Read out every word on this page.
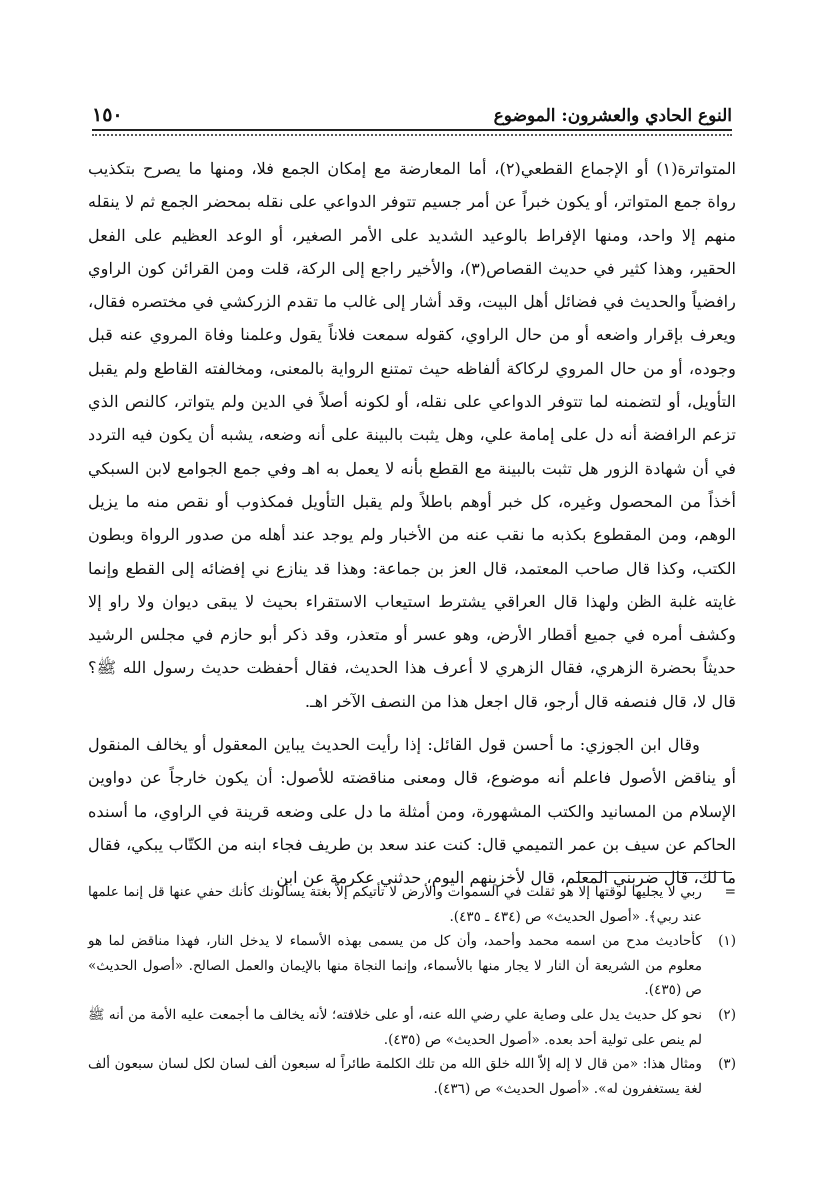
النوع الحادي والعشرون: الموضوع
١٥٠

المتواترة(١) أو الإجماع القطعي(٢)، أما المعارضة مع إمكان الجمع فلا، ومنها ما يصرح بتكذيب رواة جمع المتواتر، أو يكون خبراً عن أمر جسيم تتوفر الدواعي على نقله بمحضر الجمع ثم لا ينقله منهم إلا واحد، ومنها الإفراط بالوعيد الشديد على الأمر الصغير، أو الوعد العظيم على الفعل الحقير، وهذا كثير في حديث القصاص(٣)، والأخير راجع إلى الركة، قلت ومن القرائن كون الراوي رافضياً والحديث في فضائل أهل البيت، وقد أشار إلى غالب ما تقدم الزركشي في مختصره فقال، ويعرف بإقرار واضعه أو من حال الراوي، كقوله سمعت فلاناً يقول وعلمنا وفاة المروي عنه قبل وجوده، أو من حال المروي لركاكة ألفاظه حيث تمتنع الرواية بالمعنى، ومخالفته القاطع ولم يقبل التأويل، أو لتضمنه لما تتوفر الدواعي على نقله، أو لكونه أصلاً في الدين ولم يتواتر، كالنص الذي تزعم الرافضة أنه دل على إمامة علي، وهل يثبت بالبينة على أنه وضعه، يشبه أن يكون فيه التردد في أن شهادة الزور هل تثبت بالبينة مع القطع بأنه لا يعمل به اهـ وفي جمع الجوامع لابن السبكي أخذاً من المحصول وغيره، كل خبر أوهم باطلاً ولم يقبل التأويل فمكذوب أو نقص منه ما يزيل الوهم، ومن المقطوع بكذبه ما نقب عنه من الأخبار ولم يوجد عند أهله من صدور الرواة وبطون الكتب، وكذا قال صاحب المعتمد، قال العز بن جماعة: وهذا قد ينازع ني إفضائه إلى القطع وإنما غايته غلبة الظن ولهذا قال العراقي يشترط استيعاب الاستقراء بحيث لا يبقى ديوان ولا راو إلا وكشف أمره في جميع أقطار الأرض، وهو عسر أو متعذر، وقد ذكر أبو حازم في مجلس الرشيد حديثاً بحضرة الزهري، فقال الزهري لا أعرف هذا الحديث، فقال أحفظت حديث رسول الله ﷺ؟ قال لا، قال فنصفه قال أرجو، قال اجعل هذا من النصف الآخر اهـ.

وقال ابن الجوزي: ما أحسن قول القائل: إذا رأيت الحديث يباين المعقول أو يخالف المنقول أو يناقض الأصول فاعلم أنه موضوع، قال ومعنى مناقضته للأصول: أن يكون خارجاً عن دواوين الإسلام من المسانيد والكتب المشهورة، ومن أمثلة ما دل على وضعه قرينة في الراوي، ما أسنده الحاكم عن سيف بن عمر التميمي قال: كنت عند سعد بن طريف فجاء ابنه من الكتّاب يبكي، فقال ما لك، قال ضربني المعلم، قال لأخزينهم اليوم، حدثني عكرمة عن ابن

=
ربي لا يجليها لوقتها إلا هو ثقلت في السموات والأرض لا تأتيكم إلاّ بغتة يسألونك كأنك حفي عنها قل إنما علمها عند ربي﴾. «أصول الحديث» ص (٤٣٤ ـ ٤٣٥).
(١)
كأحاديث مدح من اسمه محمد وأحمد، وأن كل من يسمى بهذه الأسماء لا يدخل النار، فهذا مناقض لما هو معلوم من الشريعة أن النار لا يجار منها بالأسماء، وإنما النجاة منها بالإيمان والعمل الصالح. «أصول الحديث» ص (٤٣٥).
(٢)
نحو كل حديث يدل على وصاية علي رضي الله عنه، أو على خلافته؛ لأنه يخالف ما أجمعت عليه الأمة من أنه ﷺ لم ينص على تولية أحد بعده. «أصول الحديث» ص (٤٣٥).
(٣)
ومثال هذا: «من قال لا إله إلاّ الله خلق الله من تلك الكلمة طائراً له سبعون ألف لسان لكل لسان سبعون ألف لغة يستغفرون له». «أصول الحديث» ص (٤٣٦).
